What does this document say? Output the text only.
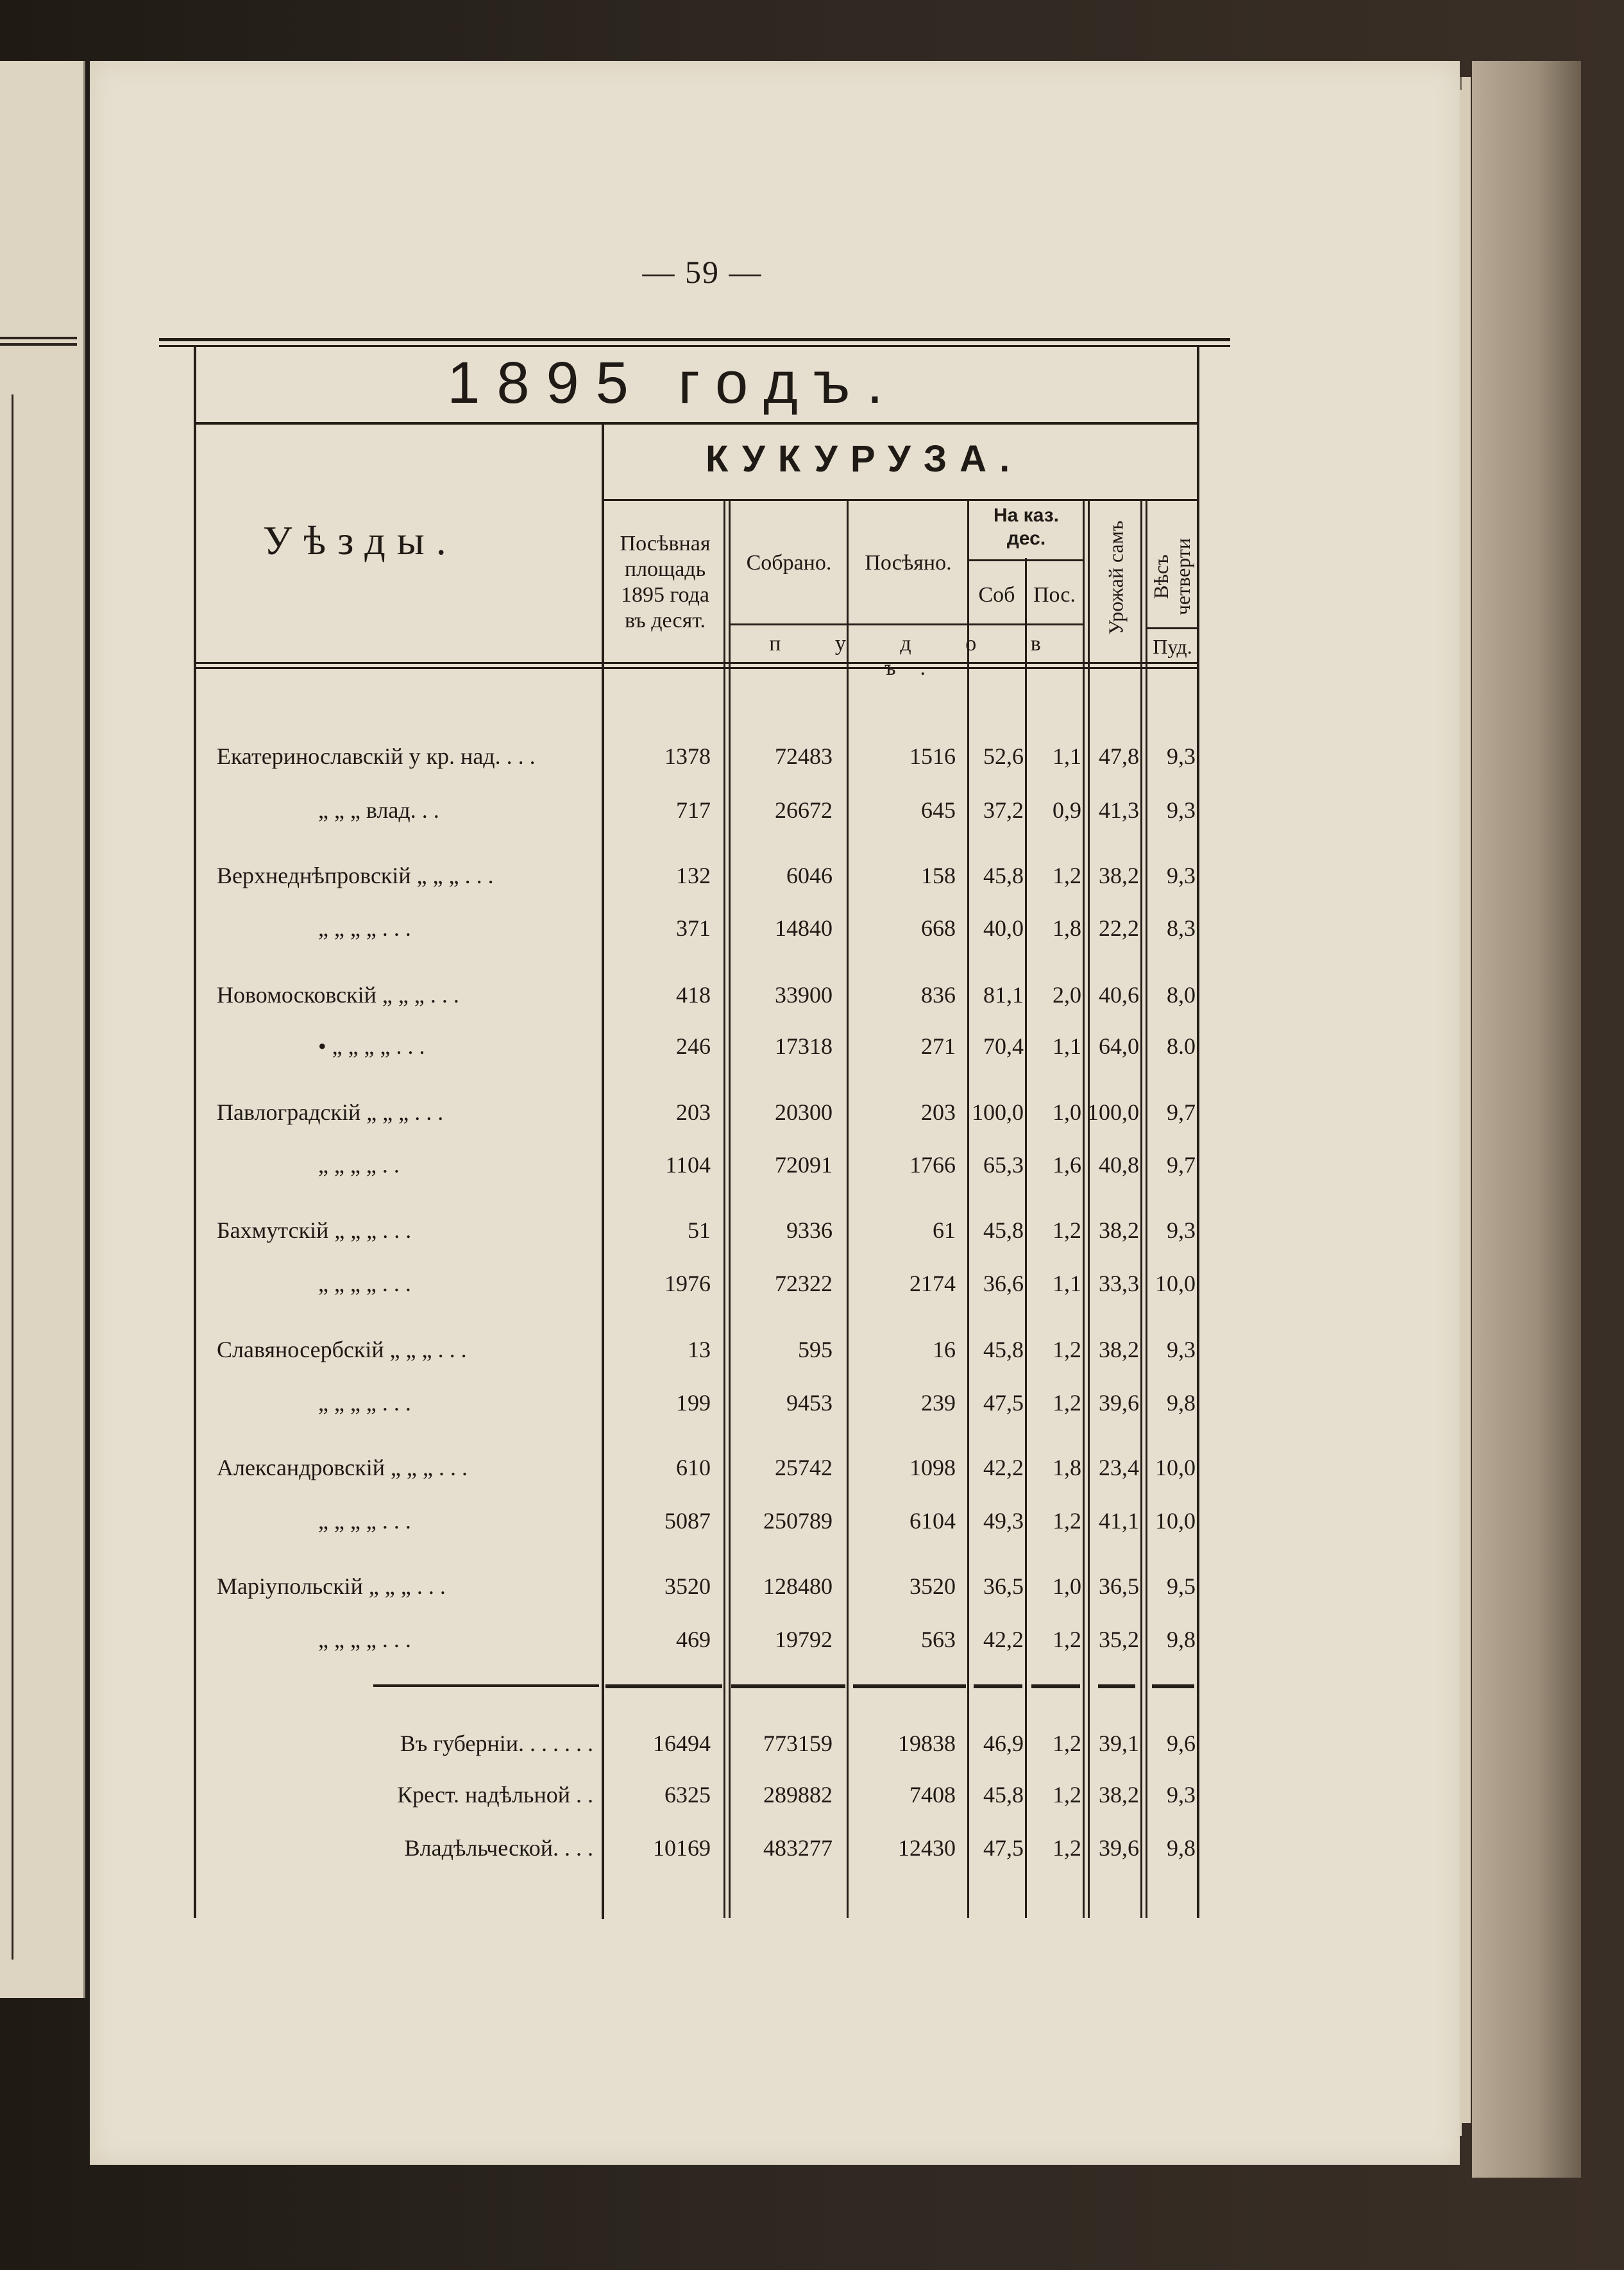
— 59 —
1895 годъ.
КУКУРУЗА.
Уѣзды.	Посѣвная
площадь
1895 года
въ десят.
Собрано.	Посѣяно.
На каз.
дес.
Соб Пос.	Урожай самъ Вѣсъ
четверти
п у д о в ъ.
Пуд.
Екатеринославскій у кр. над. . . .	1378	72483	1516 52,6 1,1 47,8 9,3
„ „ „ влад. . .	717	26672	645 37,2 0,9 41,3 9,3
Верхнеднѣпровскій „ „ „ . . .	132	6046	158 45,8 1,2 38,2 9,3
„ „ „ „ . . .	371	14840	668 40,0 1,8 22,2 8,3
Новомосковскій „ „ „ . . .	418	33900	836 81,1 2,0 40,6 8,0
• „ „ „ „ . . .	246	17318	271 70,4 1,1 64,0 8.0
Павлоградскій „ „ „ . . .	203	20300	203 100,0 1,0 100,0 9,7
„ „ „ „ . .	1104	72091	1766 65,3 1,6 40,8 9,7
Бахмутскій „ „ „ . . .	51	9336	61 45,8 1,2 38,2 9,3
„ „ „ „ . . .	1976	72322	2174 36,6 1,1 33,3 10,0
Славяносербскій „ „ „ . . .	13	595	16 45,8 1,2 38,2 9,3
„ „ „ „ . . .	199	9453	239 47,5 1,2 39,6 9,8
Александровскій „ „ „ . . .	610	25742	1098 42,2 1,8 23,4 10,0
„ „ „ „ . . .	5087 250789	6104 49,3 1,2 41,1 10,0
Маріупольскій „ „ „ . . .	3520 128480	3520 36,5 1,0 36,5 9,5
„ „ „ „ . . .	469	19792	563 42,2 1,2 35,2 9,8
Въ губерніи. . . . . . .	16494 773159	19838 46,9 1,2 39,1 9,6
Крест. надѣльной . .	6325 289882	7408 45,8 1,2 38,2 9,3
Владѣльческой. . . .	10169 483277	12430 47,5 1,2 39,6 9,8
